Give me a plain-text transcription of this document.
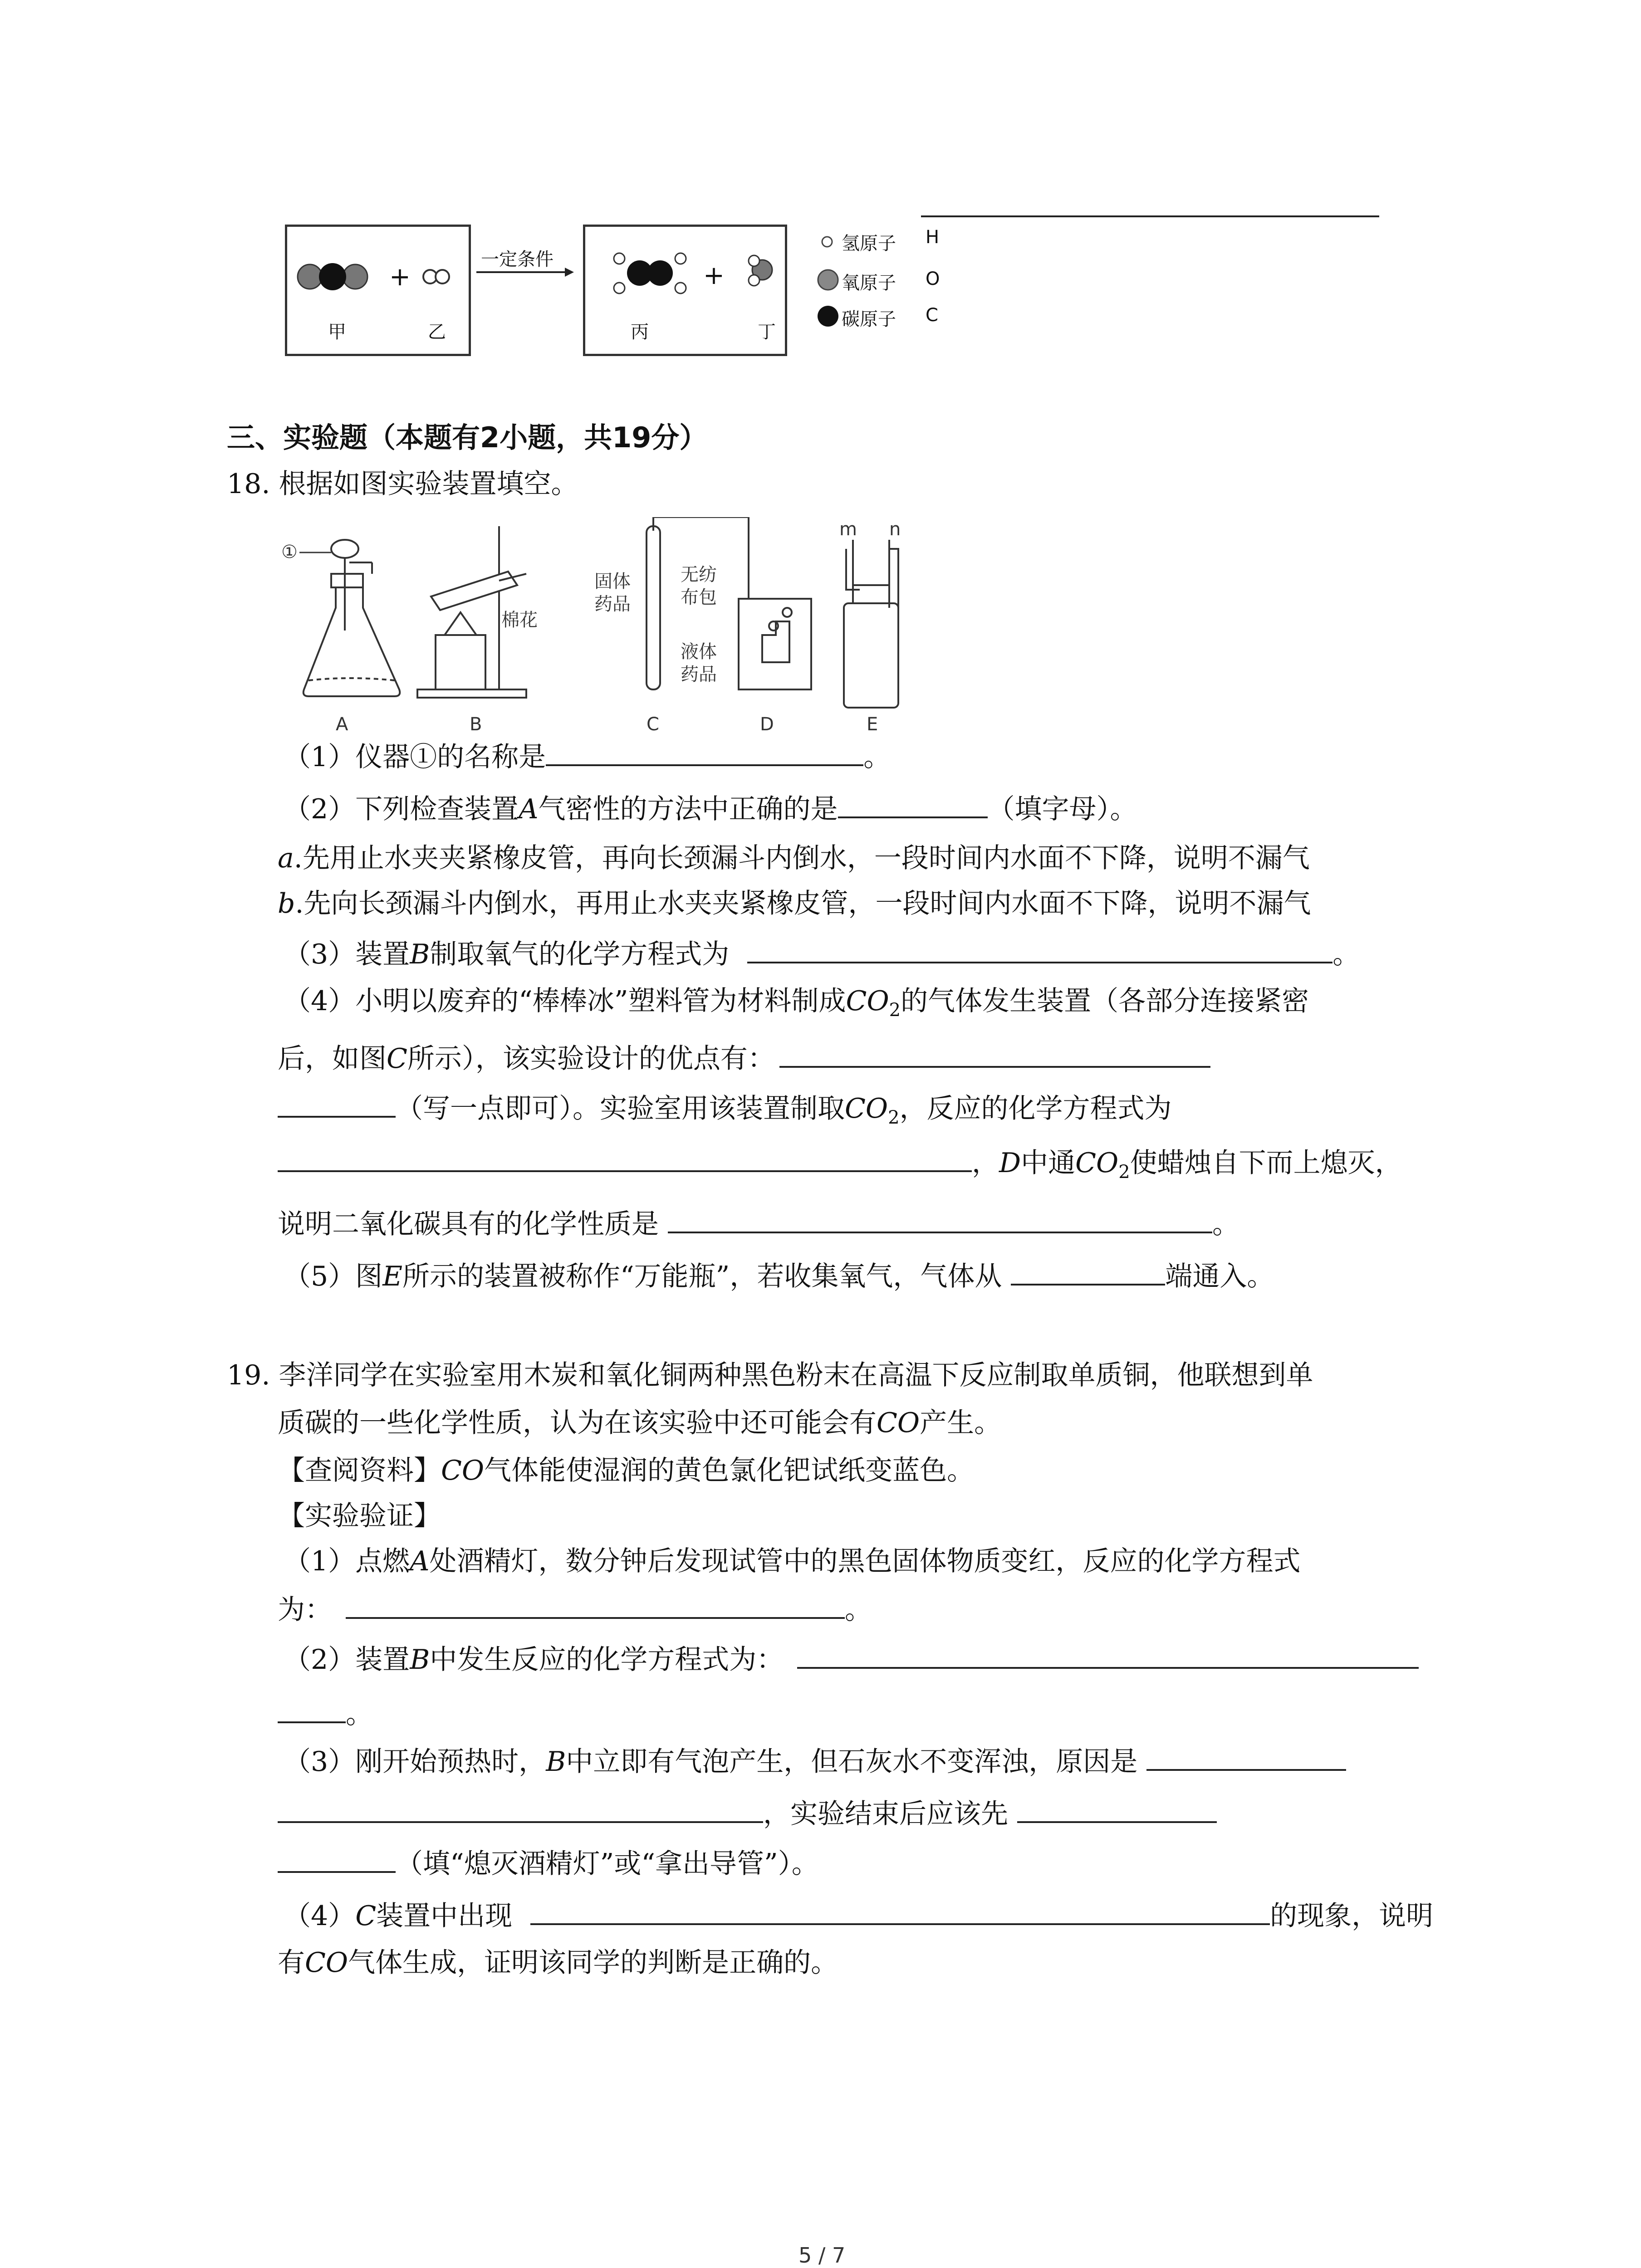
+
甲	乙
一定条件
+
丙	丁
氢原子 H
氧原子 O
碳原子 C
三、实验题（本题有2小题，共19分）
18. 根据如图实验装置填空。
①
棉花
固体
药品
无纺
布包
液体
药品
m n
A	B	C	D	E
（1）仪器①的名称是	。
（2）下列检查装置A气密性的方法中正确的是	（填字母）。
a.先用止水夹夹紧橡皮管，再向长颈漏斗内倒水，一段时间内水面不下降，说明不漏气
b.先向长颈漏斗内倒水，再用止水夹夹紧橡皮管，一段时间内水面不下降，说明不漏气
（3）装置B制取氧气的化学方程式为	。
（4）小明以废弃的“棒棒冰”塑料管为材料制成$CO_2$的气体发生装置（各部分连接紧密
后，如图C所示），该实验设计的优点有：
（写一点即可）。实验室用该装置制取$CO_2$，反应的化学方程式为
，D中通$CO_2$使蜡烛自下而上熄灭，
说明二氧化碳具有的化学性质是	。
（5）图E所示的装置被称作“万能瓶”，若收集氧气，气体从	端通入。
19. 李洋同学在实验室用木炭和氧化铜两种黑色粉末在高温下反应制取单质铜，他联想到单
质碳的一些化学性质，认为在该实验中还可能会有CO产生。
【查阅资料】CO气体能使湿润的黄色氯化钯试纸变蓝色。
【实验验证】
（1）点燃A处酒精灯，数分钟后发现试管中的黑色固体物质变红，反应的化学方程式
为：	。
（2）装置B中发生反应的化学方程式为：
。
（3）刚开始预热时，B中立即有气泡产生，但石灰水不变浑浊，原因是
，实验结束后应该先
（填“熄灭酒精灯”或“拿出导管”）。
（4）C装置中出现	的现象，说明
有CO气体生成，证明该同学的判断是正确的。
5 / 7
